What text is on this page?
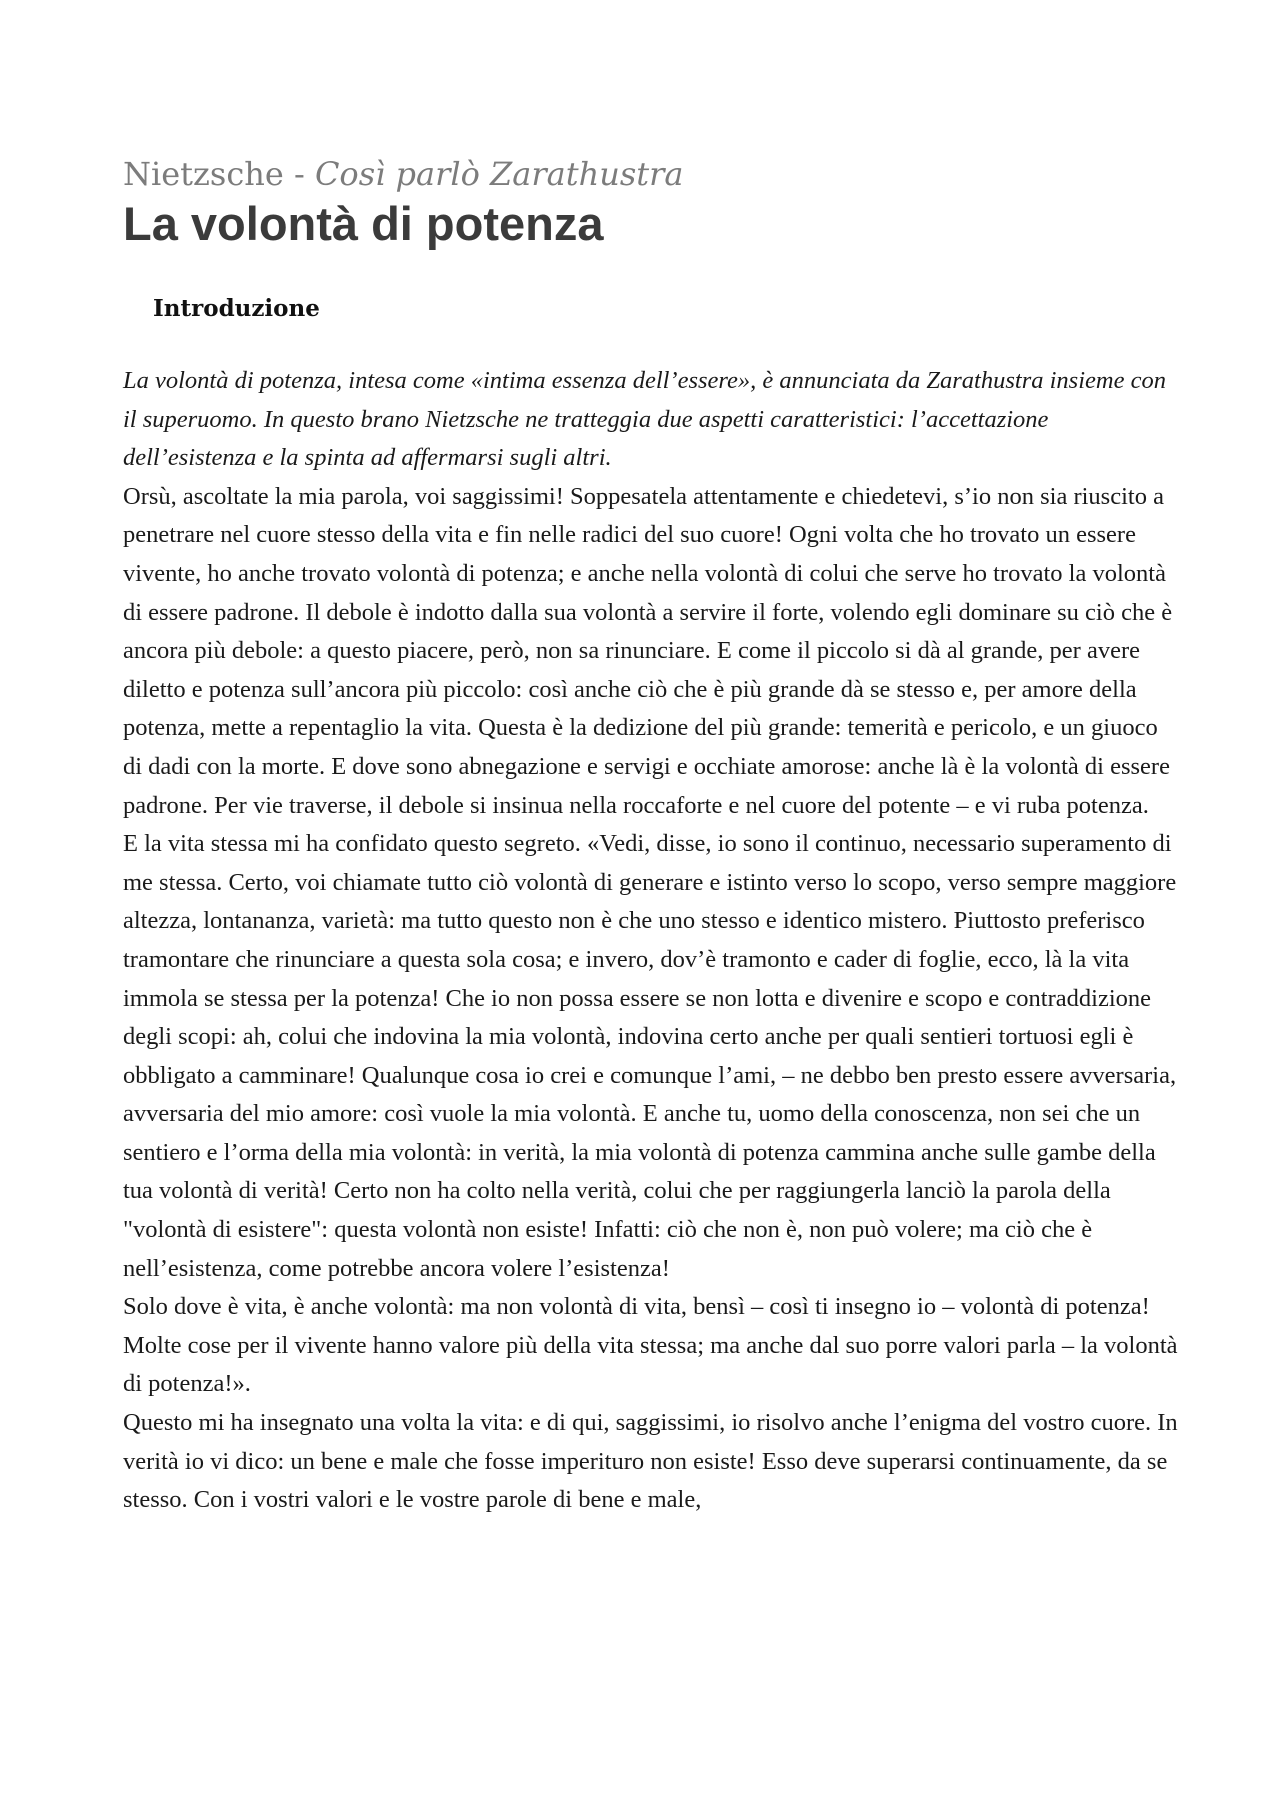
Nietzsche - Così parlò Zarathustra
La volontà di potenza
Introduzione

La volontà di potenza, intesa come «intima essenza dell’essere», è annunciata da Zarathustra insieme con il superuomo. In questo brano Nietzsche ne tratteggia due aspetti caratteristici: l’accettazione dell’esistenza e la spinta ad affermarsi sugli altri.

Orsù, ascoltate la mia parola, voi saggissimi! Soppesatela attentamente e chiedetevi, s’io non sia riuscito a penetrare nel cuore stesso della vita e fin nelle radici del suo cuore! Ogni volta che ho trovato un essere vivente, ho anche trovato volontà di potenza; e anche nella volontà di colui che serve ho trovato la volontà di essere padrone. Il debole è indotto dalla sua volontà a servire il forte, volendo egli dominare su ciò che è ancora più debole: a questo piacere, però, non sa rinunciare. E come il piccolo si dà al grande, per avere diletto e potenza sull’ancora più piccolo: così anche ciò che è più grande dà se stesso e, per amore della potenza, mette a repentaglio la vita. Questa è la dedizione del più grande: temerità e pericolo, e un giuoco di dadi con la morte. E dove sono abnegazione e servigi e occhiate amorose: anche là è la volontà di essere padrone. Per vie traverse, il debole si insinua nella roccaforte e nel cuore del potente – e vi ruba potenza.

E la vita stessa mi ha confidato questo segreto. «Vedi, disse, io sono il continuo, necessario superamento di me stessa. Certo, voi chiamate tutto ciò volontà di generare e istinto verso lo scopo, verso sempre maggiore altezza, lontananza, varietà: ma tutto questo non è che uno stesso e identico mistero. Piuttosto preferisco tramontare che rinunciare a questa sola cosa; e invero, dov’è tramonto e cader di foglie, ecco, là la vita immola se stessa per la potenza! Che io non possa essere se non lotta e divenire e scopo e contraddizione degli scopi: ah, colui che indovina la mia volontà, indovina certo anche per quali sentieri tortuosi egli è obbligato a camminare! Qualunque cosa io crei e comunque l’ami, – ne debbo ben presto essere avversaria, avversaria del mio amore: così vuole la mia volontà. E anche tu, uomo della conoscenza, non sei che un sentiero e l’orma della mia volontà: in verità, la mia volontà di potenza cammina anche sulle gambe della tua volontà di verità! Certo non ha colto nella verità, colui che per raggiungerla lanciò la parola della "volontà di esistere": questa volontà non esiste! Infatti: ciò che non è, non può volere; ma ciò che è nell’esistenza, come potrebbe ancora volere l’esistenza!

Solo dove è vita, è anche volontà: ma non volontà di vita, bensì – così ti insegno io – volontà di potenza! Molte cose per il vivente hanno valore più della vita stessa; ma anche dal suo porre valori parla – la volontà di potenza!».

Questo mi ha insegnato una volta la vita: e di qui, saggissimi, io risolvo anche l’enigma del vostro cuore. In verità io vi dico: un bene e male che fosse imperituro non esiste! Esso deve superarsi continuamente, da se stesso. Con i vostri valori e le vostre parole di bene e male,
